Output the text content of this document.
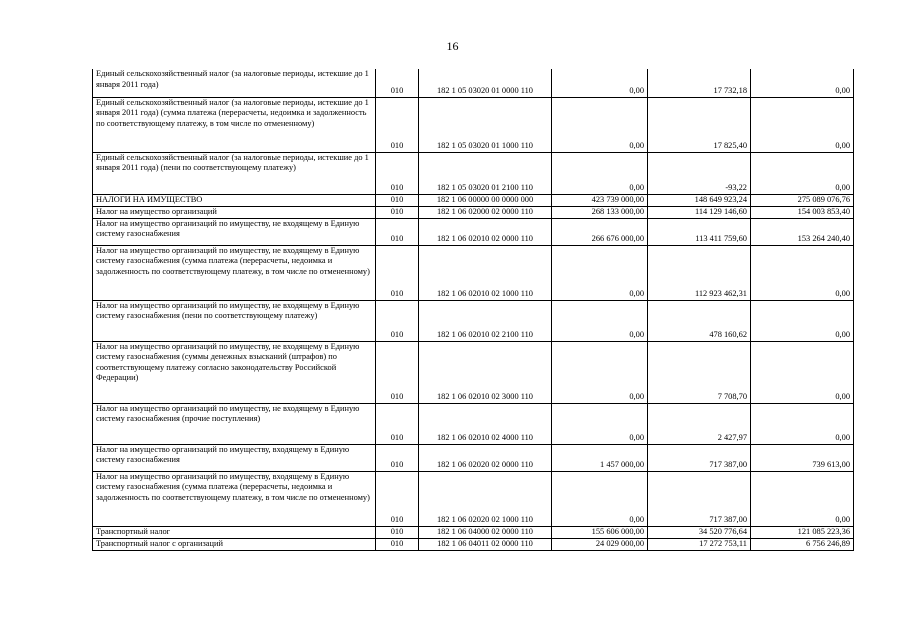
16
Единый сельскохозяйственный налог (за налоговые периоды, истекшие до 1 января 2011 года)	010	182 1 05 03020 01 0000 110	0,00	17 732,18	0,00
Единый сельскохозяйственный налог (за налоговые периоды, истекшие до 1 января 2011 года) (сумма платежа (перерасчеты, недоимка и задолженность по соответствующему платежу, в том числе по отмененному)	010	182 1 05 03020 01 1000 110	0,00	17 825,40	0,00
Единый сельскохозяйственный налог (за налоговые периоды, истекшие до 1 января 2011 года) (пени по соответствующему платежу)	010	182 1 05 03020 01 2100 110	0,00	-93,22	0,00
НАЛОГИ НА ИМУЩЕСТВО	010	182 1 06 00000 00 0000 000	423 739 000,00	148 649 923,24	275 089 076,76
Налог на имущество организаций	010	182 1 06 02000 02 0000 110	268 133 000,00	114 129 146,60	154 003 853,40
Налог на имущество организаций по имуществу, не входящему в Единую систему газоснабжения	010	182 1 06 02010 02 0000 110	266 676 000,00	113 411 759,60	153 264 240,40
Налог на имущество организаций по имуществу, не входящему в Единую систему газоснабжения (сумма платежа (перерасчеты, недоимка и задолженность по соответствующему платежу, в том числе по отмененному)	010	182 1 06 02010 02 1000 110	0,00	112 923 462,31	0,00
Налог на имущество организаций по имуществу, не входящему в Единую систему газоснабжения (пени по соответствующему платежу)	010	182 1 06 02010 02 2100 110	0,00	478 160,62	0,00
Налог на имущество организаций по имуществу, не входящему в Единую систему газоснабжения (суммы денежных взысканий (штрафов) по соответствующему платежу согласно законодательству Российской Федерации)	010	182 1 06 02010 02 3000 110	0,00	7 708,70	0,00
Налог на имущество организаций по имуществу, не входящему в Единую систему газоснабжения (прочие поступления)	010	182 1 06 02010 02 4000 110	0,00	2 427,97	0,00
Налог на имущество организаций по имуществу, входящему в Единую систему газоснабжения	010	182 1 06 02020 02 0000 110	1 457 000,00	717 387,00	739 613,00
Налог на имущество организаций по имуществу, входящему в Единую систему газоснабжения (сумма платежа (перерасчеты, недоимка и задолженность по соответствующему платежу, в том числе по отмененному)	010	182 1 06 02020 02 1000 110	0,00	717 387,00	0,00
Транспортный налог	010	182 1 06 04000 02 0000 110	155 606 000,00	34 520 776,64	121 085 223,36
Транспортный налог с организаций	010	182 1 06 04011 02 0000 110	24 029 000,00	17 272 753,11	6 756 246,89
